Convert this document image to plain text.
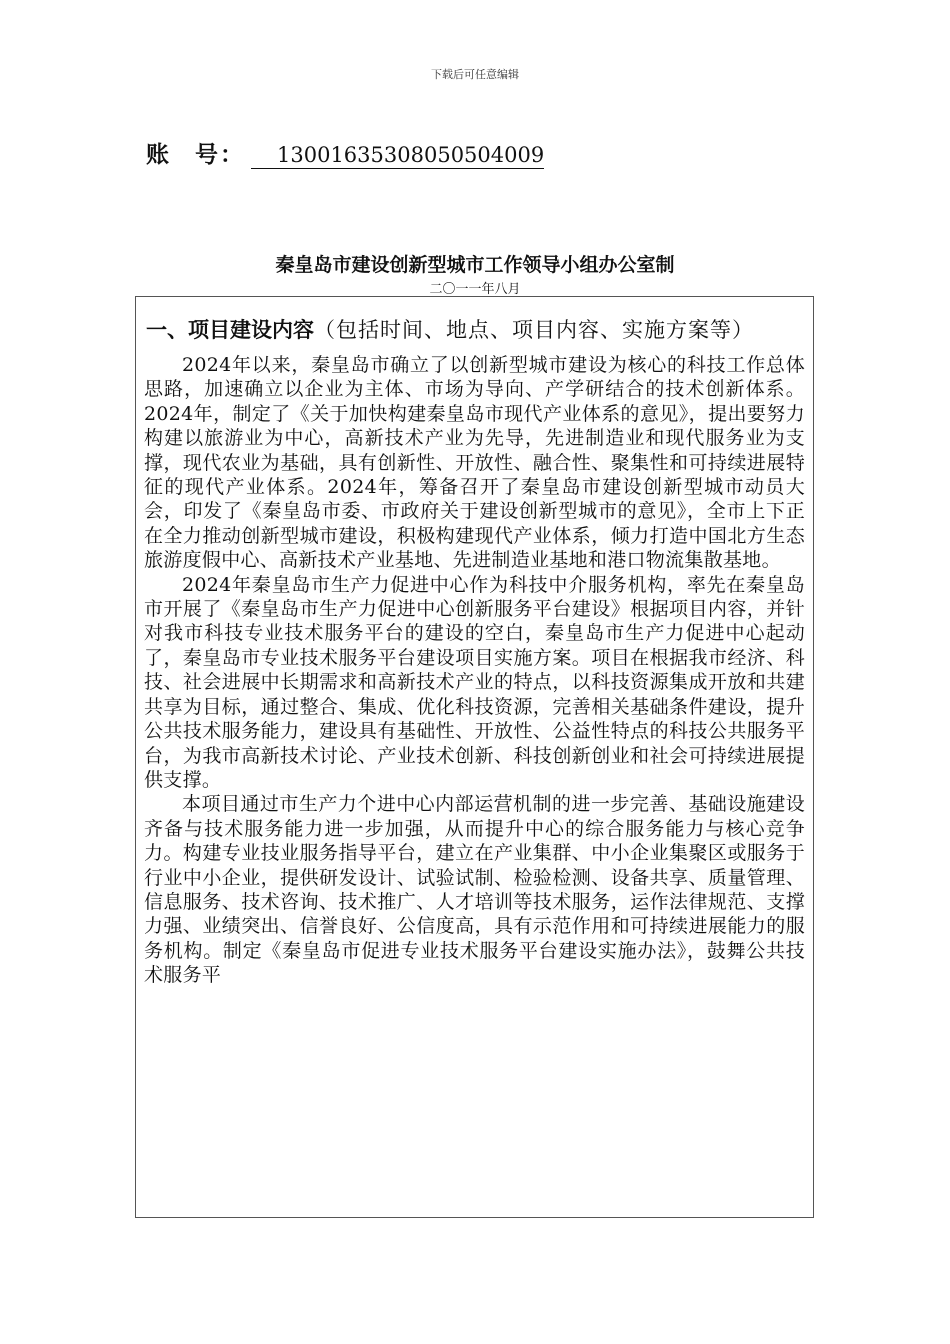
下载后可任意编辑
账 号： 13001635308050504009
秦皇岛市建设创新型城市工作领导小组办公室制
二〇一一年八月
一、项目建设内容（包括时间、地点、项目内容、实施方案等）

2024年以来，秦皇岛市确立了以创新型城市建设为核心的科技工作总体思路，加速确立以企业为主体、市场为导向、产学研结合的技术创新体系。2024年，制定了《关于加快构建秦皇岛市现代产业体系的意见》，提出要努力构建以旅游业为中心，高新技术产业为先导，先进制造业和现代服务业为支撑，现代农业为基础，具有创新性、开放性、融合性、聚集性和可持续进展特征的现代产业体系。2024年，筹备召开了秦皇岛市建设创新型城市动员大会，印发了《秦皇岛市委、市政府关于建设创新型城市的意见》，全市上下正在全力推动创新型城市建设，积极构建现代产业体系，倾力打造中国北方生态旅游度假中心、高新技术产业基地、先进制造业基地和港口物流集散基地。

2024年秦皇岛市生产力促进中心作为科技中介服务机构，率先在秦皇岛市开展了《秦皇岛市生产力促进中心创新服务平台建设》根据项目内容，并针对我市科技专业技术服务平台的建设的空白，秦皇岛市生产力促进中心起动了，秦皇岛市专业技术服务平台建设项目实施方案。项目在根据我市经济、科技、社会进展中长期需求和高新技术产业的特点，以科技资源集成开放和共建共享为目标，通过整合、集成、优化科技资源，完善相关基础条件建设，提升公共技术服务能力，建设具有基础性、开放性、公益性特点的科技公共服务平台，为我市高新技术讨论、产业技术创新、科技创新创业和社会可持续进展提供支撑。

本项目通过市生产力个进中心内部运营机制的进一步完善、基础设施建设齐备与技术服务能力进一步加强，从而提升中心的综合服务能力与核心竞争力。构建专业技业服务指导平台，建立在产业集群、中小企业集聚区或服务于行业中小企业，提供研发设计、试验试制、检验检测、设备共享、质量管理、信息服务、技术咨询、技术推广、人才培训等技术服务，运作法律规范、支撑力强、业绩突出、信誉良好、公信度高，具有示范作用和可持续进展能力的服务机构。制定《秦皇岛市促进专业技术服务平台建设实施办法》，鼓舞公共技术服务平
